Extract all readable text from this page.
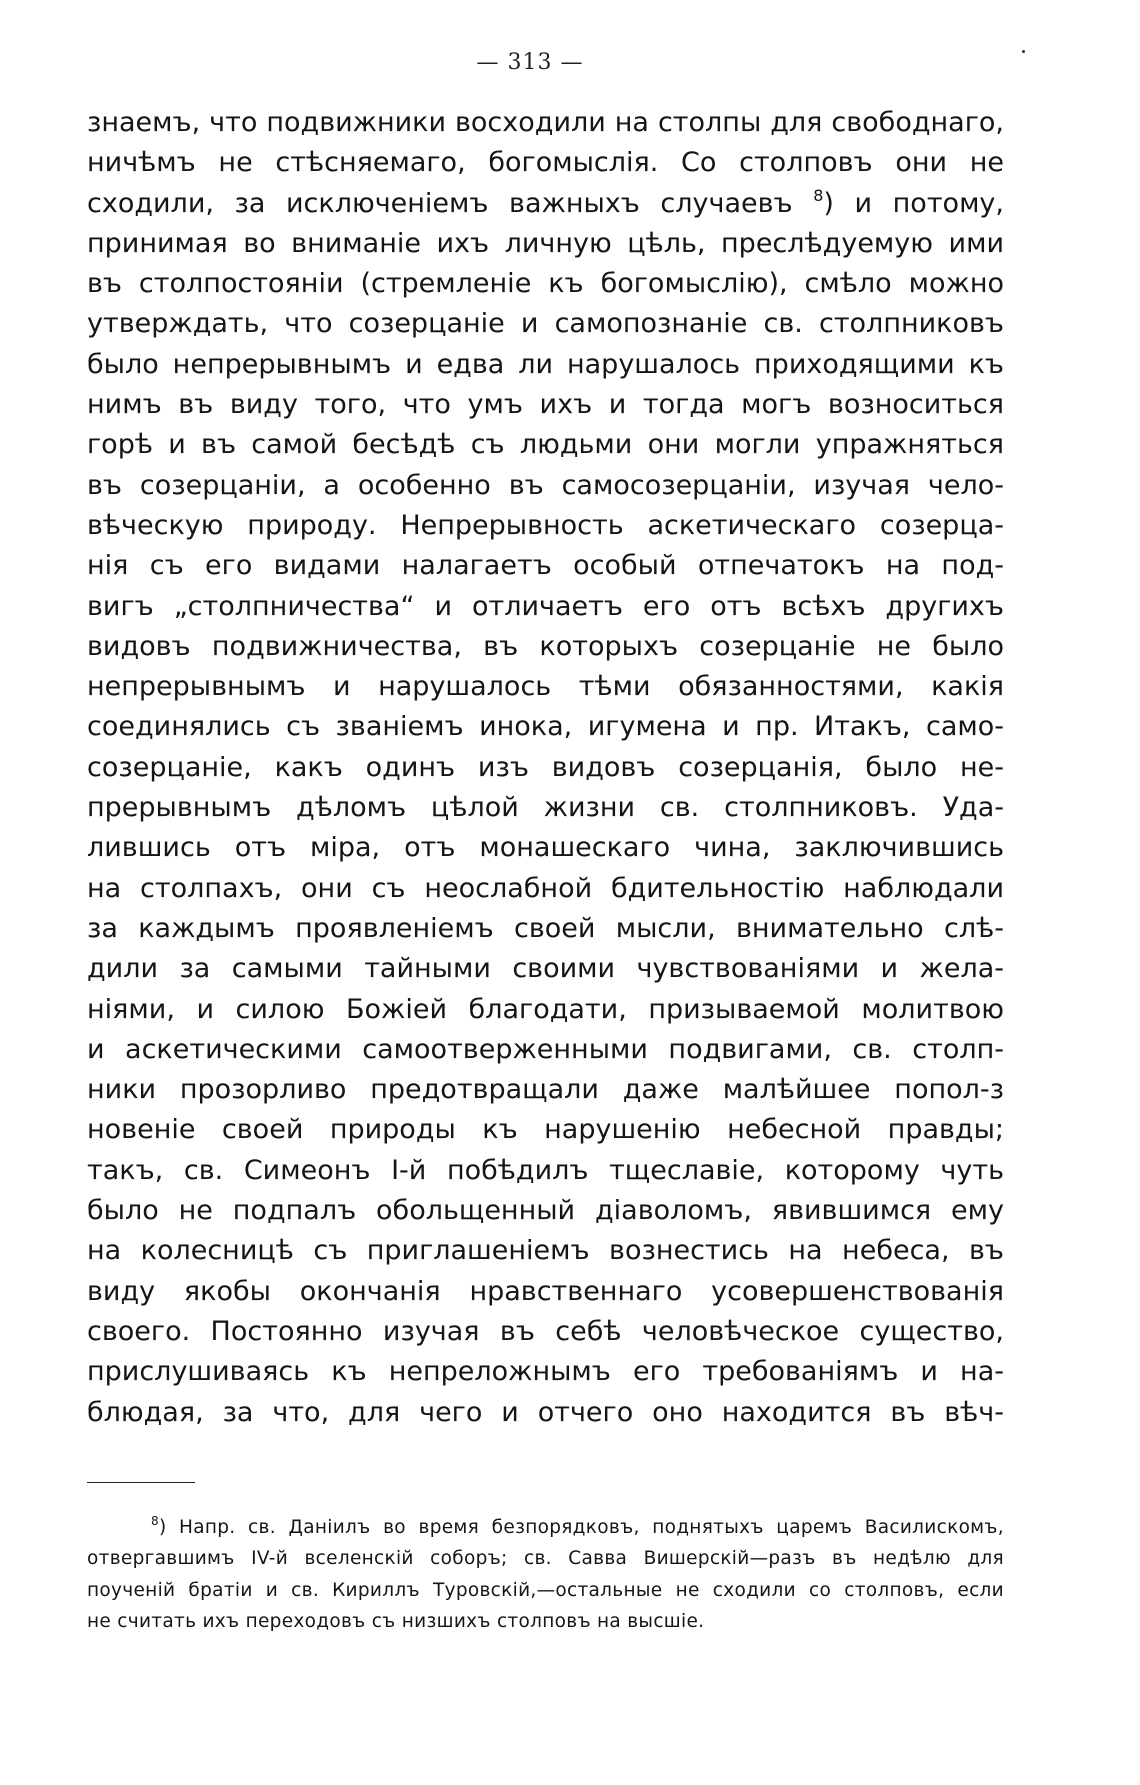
— 313 —
знаемъ, что подвижники восходили на столпы для свободнаго,
ничѣмъ не стѣсняемаго, богомыслія. Со столповъ они не
сходили, за исключеніемъ важныхъ случаевъ $^8$) и потому,
принимая во вниманіе ихъ личную цѣль, преслѣдуемую ими
въ столпостояніи (стремленіе къ богомыслію), смѣло можно
утверждать, что созерцаніе и самопознаніе св. столпниковъ
было непрерывнымъ и едва ли нарушалось приходящими къ
нимъ въ виду того, что умъ ихъ и тогда могъ возноситься
горѣ и въ самой бесѣдѣ съ людьми они могли упражняться
въ созерцаніи, а особенно въ самосозерцаніи, изучая чело-
вѣческую природу. Непрерывность аскетическаго созерца-
нія съ его видами налагаетъ особый отпечатокъ на под-
вигъ „столпничества“ и отличаетъ его отъ всѣхъ другихъ
видовъ подвижничества, въ которыхъ созерцаніе не было
непрерывнымъ и нарушалось тѣми обязанностями, какія
соединялись съ званіемъ инока, игумена и пр. Итакъ, само-
созерцаніе, какъ одинъ изъ видовъ созерцанія, было не-
прерывнымъ дѣломъ цѣлой жизни св. столпниковъ. Уда-
лившись отъ міра, отъ монашескаго чина, заключившись
на столпахъ, они съ неослабной бдительностію наблюдали
за каждымъ проявленіемъ своей мысли, внимательно слѣ-
дили за самыми тайными своими чувствованіями и жела-
ніями, и силою Божіей благодати, призываемой молитвою
и аскетическими самоотверженными подвигами, св. столп-
ники прозорливо предотвращали даже малѣйшее попол-з
новеніе своей природы къ нарушенію небесной правды;
такъ, св. Симеонъ І-й побѣдилъ тщеславіе, которому чуть
было не подпалъ обольщенный діаволомъ, явившимся ему
на колесницѣ съ приглашеніемъ вознестись на небеса, въ
виду якобы окончанія нравственнаго усовершенствованія
своего. Постоянно изучая въ себѣ человѣческое существо,
прислушиваясь къ непреложнымъ его требованіямъ и на-
блюдая, за что, для чего и отчего оно находится въ вѣч-
$^8$) Напр. св. Даніилъ во время безпорядковъ, поднятыхъ царемъ Василискомъ,
отвергавшимъ IV-й вселенскій соборъ; св. Савва Вишерскій—разъ въ недѣлю для
поученій братіи и св. Кириллъ Туровскій,—остальные не сходили со столповъ, если
не считать ихъ переходовъ съ низшихъ столповъ на высшіе.
